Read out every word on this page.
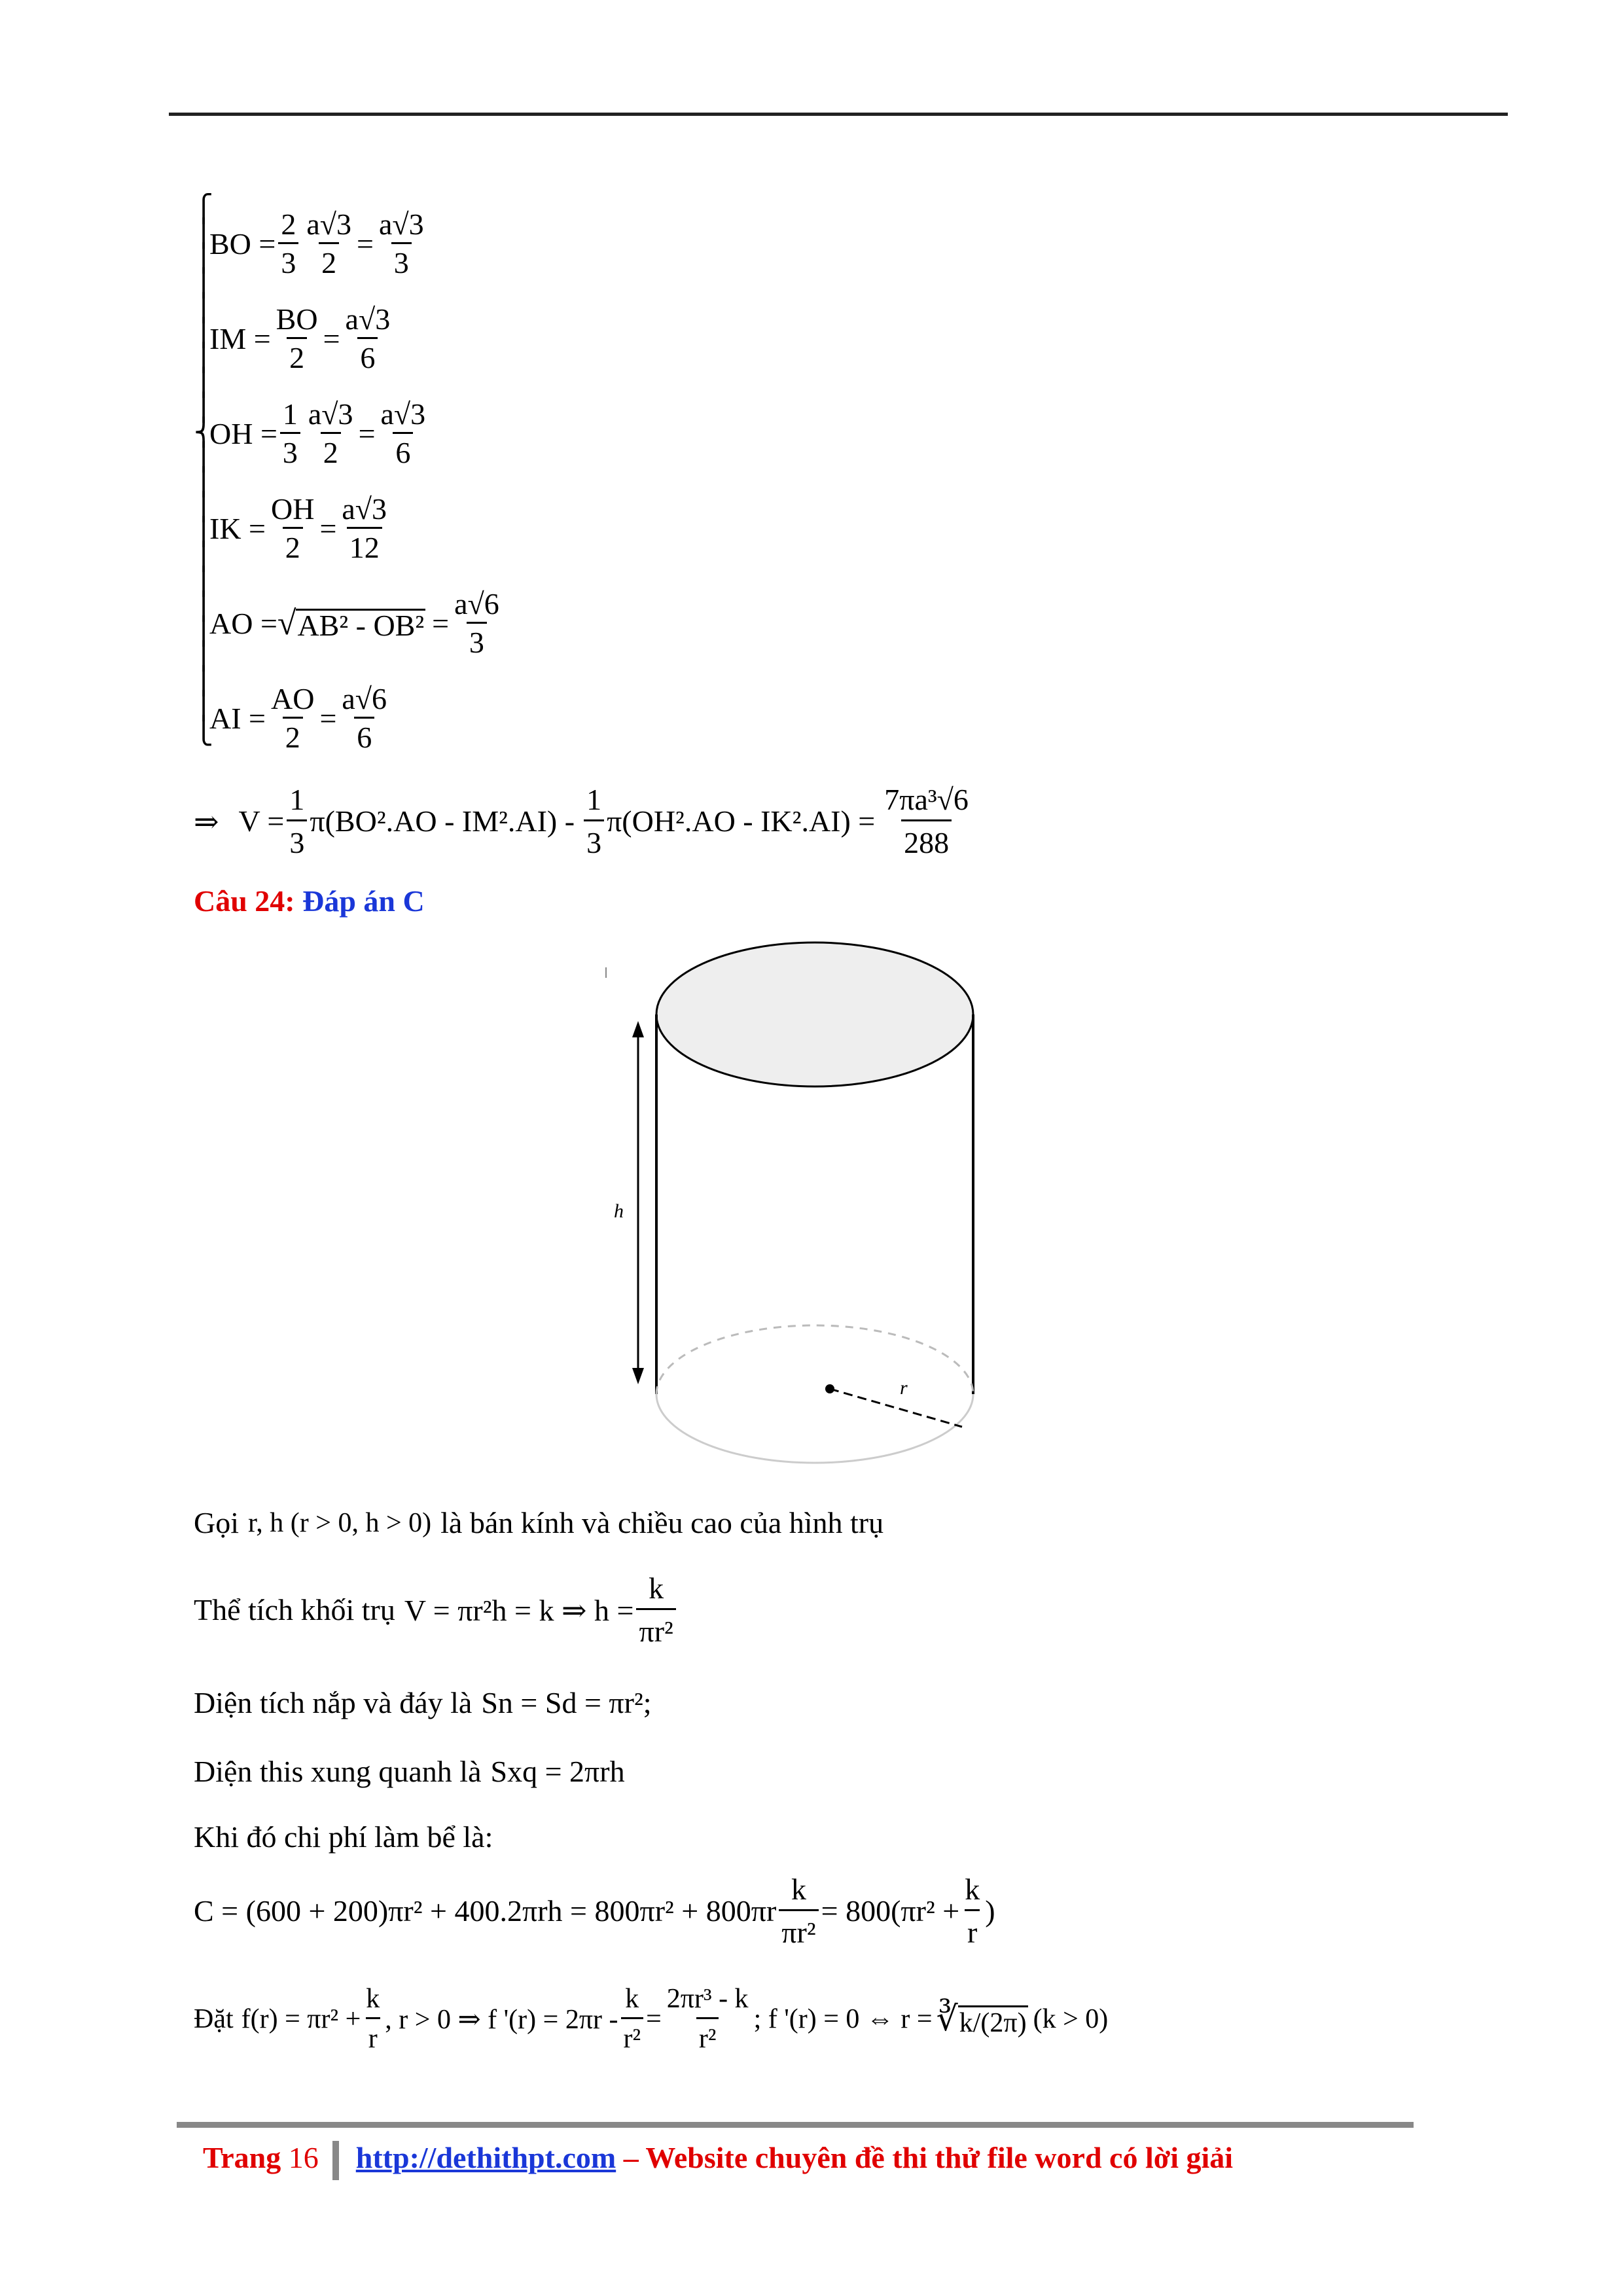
⎧
⎪
⎪
⎪
⎪
⎪
⎪
⎪
⎪
⎨
⎪
⎪
⎪
⎪
⎪
⎪
⎪
⎪
⎪
⎪
⎪
⎩
BO = $\frac{2}{3} \frac{a√3}{2} = \frac{a√3}{3}$
IM = $\frac{BO}{2} = \frac{a√3}{6}$
OH = $\frac{1}{3} \frac{a√3}{2} = \frac{a√3}{6}$
IK = $\frac{OH}{2} = \frac{a√3}{12}$
AO = √ $AB^2 - OB^2 = \frac{a√6}{3}$
AI = $\frac{AO}{2} = \frac{a√6}{6}$
⇒ $V = \frac{1}{3} \pi(BO^2.AO - IM^2.AI) - \frac{1}{3} \pi(OH^2.AO - IK^2.AI) = \frac{\text{7πa³√6}}{288}$
Câu 24: Đáp án C
h
r
Gọi r, h (r > 0, h > 0) là bán kính và chiều cao của hình trụ
Thể tích khối trụ V = πr²h = k ⇒ $h = \frac{k}{\text{πr²}}$
Diện tích nắp và đáy là Sn = Sd = πr²;
Diện this xung quanh là Sxq = 2πrh
Khi đó chi phí làm bể là:
$C = (600 + 200)\pi r^2 + 400.2\pi rh = 800\pi r^2 + 800\pi r \frac{k}{\text{πr²}} = 800(\pi r^2 + \frac{k}{r}$ )
Đặt $f(r) = \pi r^2 + \frac{k}{r}$ , r > 0 ⇒ f '$(r) = 2\pi r - \frac{k}{\text{r²}} = \frac{\text{2πr³ - k}}{\text{r²}}$ ; f '(r) = 0 ⇔ r = ∛ k/(2π) (k > 0)
Trang 16 http://dethithpt.com – Website chuyên đề thi thử file word có lời giải
